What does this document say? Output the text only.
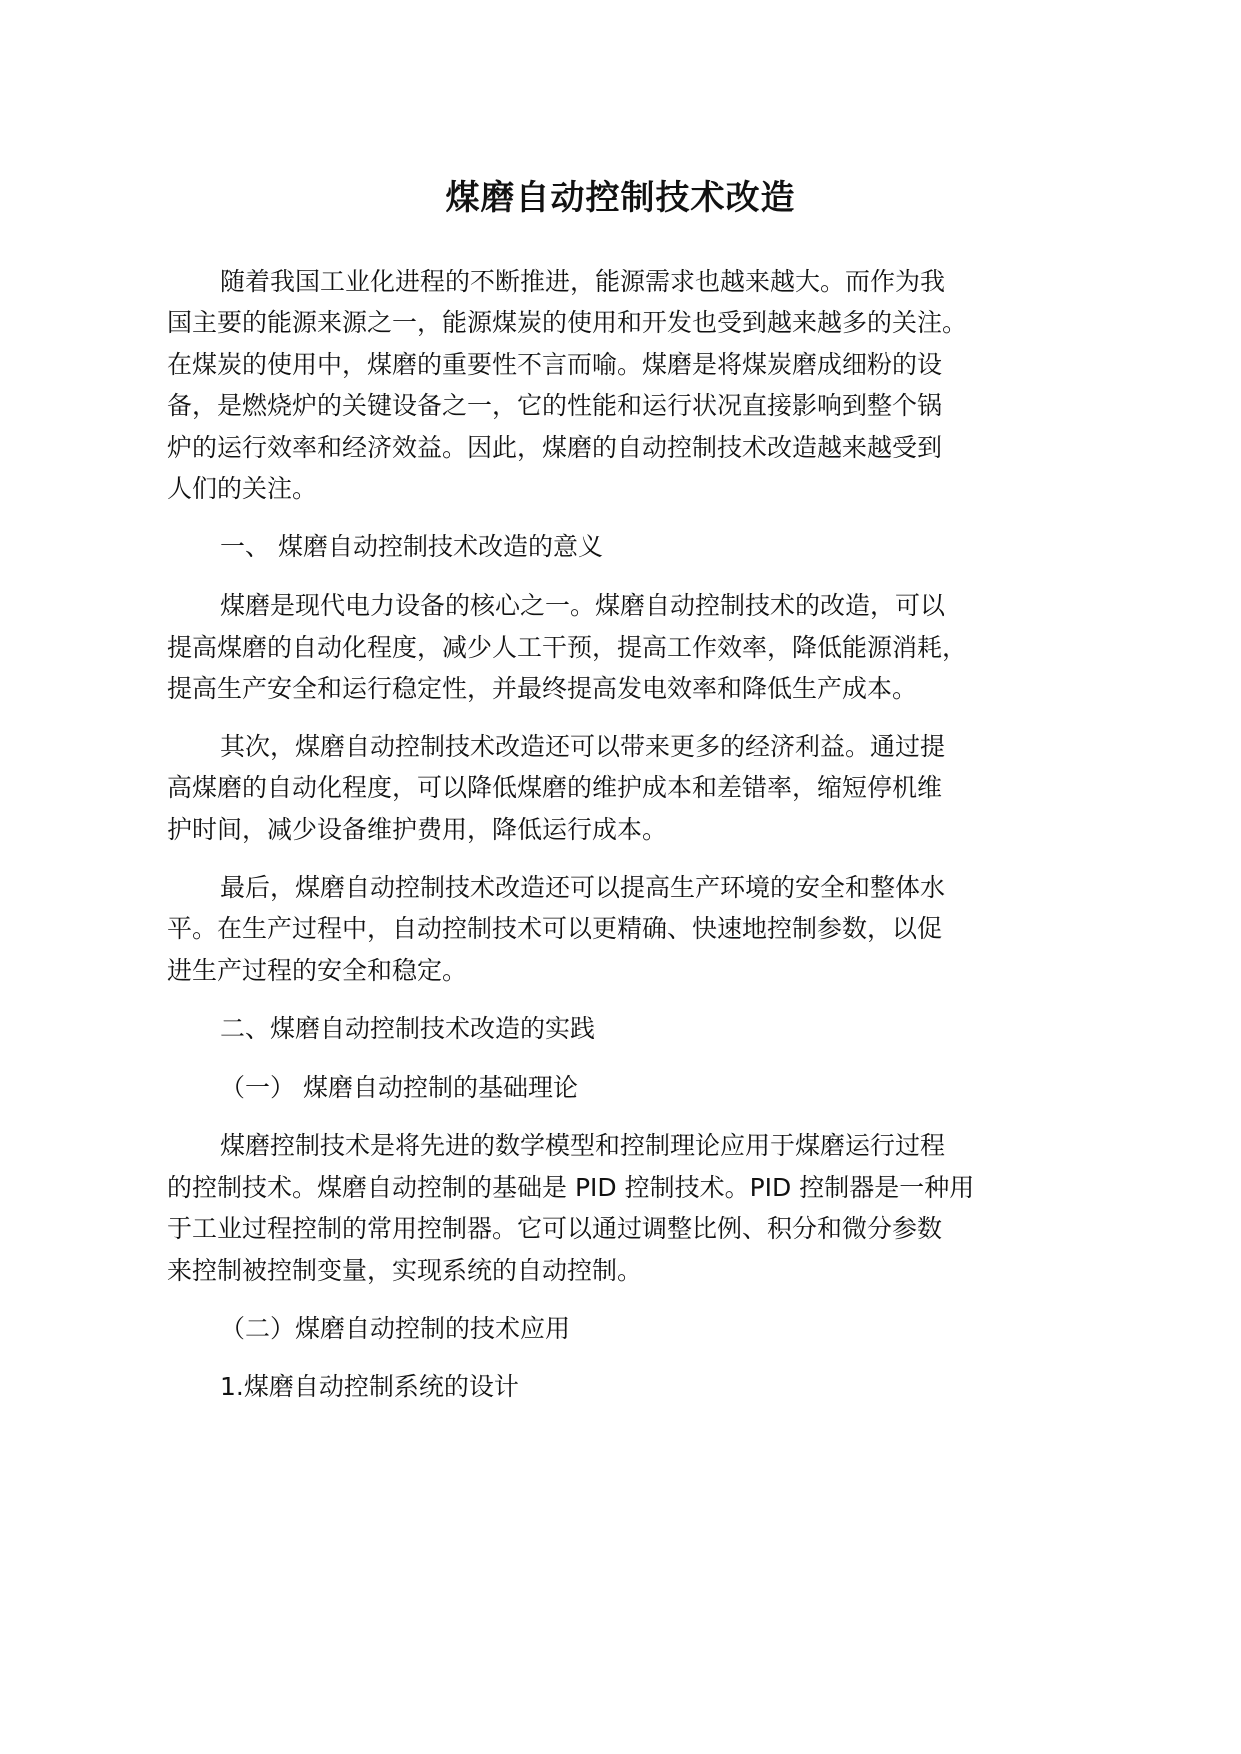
煤磨自动控制技术改造
随着我国工业化进程的不断推进，能源需求也越来越大。而作为我
国主要的能源来源之一，能源煤炭的使用和开发也受到越来越多的关注。
在煤炭的使用中，煤磨的重要性不言而喻。煤磨是将煤炭磨成细粉的设
备，是燃烧炉的关键设备之一，它的性能和运行状况直接影响到整个锅
炉的运行效率和经济效益。因此，煤磨的自动控制技术改造越来越受到
人们的关注。
一、 煤磨自动控制技术改造的意义
煤磨是现代电力设备的核心之一。煤磨自动控制技术的改造，可以
提高煤磨的自动化程度，减少人工干预，提高工作效率，降低能源消耗，
提高生产安全和运行稳定性，并最终提高发电效率和降低生产成本。
其次，煤磨自动控制技术改造还可以带来更多的经济利益。通过提
高煤磨的自动化程度，可以降低煤磨的维护成本和差错率，缩短停机维
护时间，减少设备维护费用，降低运行成本。
最后，煤磨自动控制技术改造还可以提高生产环境的安全和整体水
平。在生产过程中，自动控制技术可以更精确、快速地控制参数，以促
进生产过程的安全和稳定。
二、煤磨自动控制技术改造的实践
（一） 煤磨自动控制的基础理论
煤磨控制技术是将先进的数学模型和控制理论应用于煤磨运行过程
的控制技术。煤磨自动控制的基础是 PID 控制技术。PID 控制器是一种用
于工业过程控制的常用控制器。它可以通过调整比例、积分和微分参数
来控制被控制变量，实现系统的自动控制。
（二）煤磨自动控制的技术应用
1.煤磨自动控制系统的设计
